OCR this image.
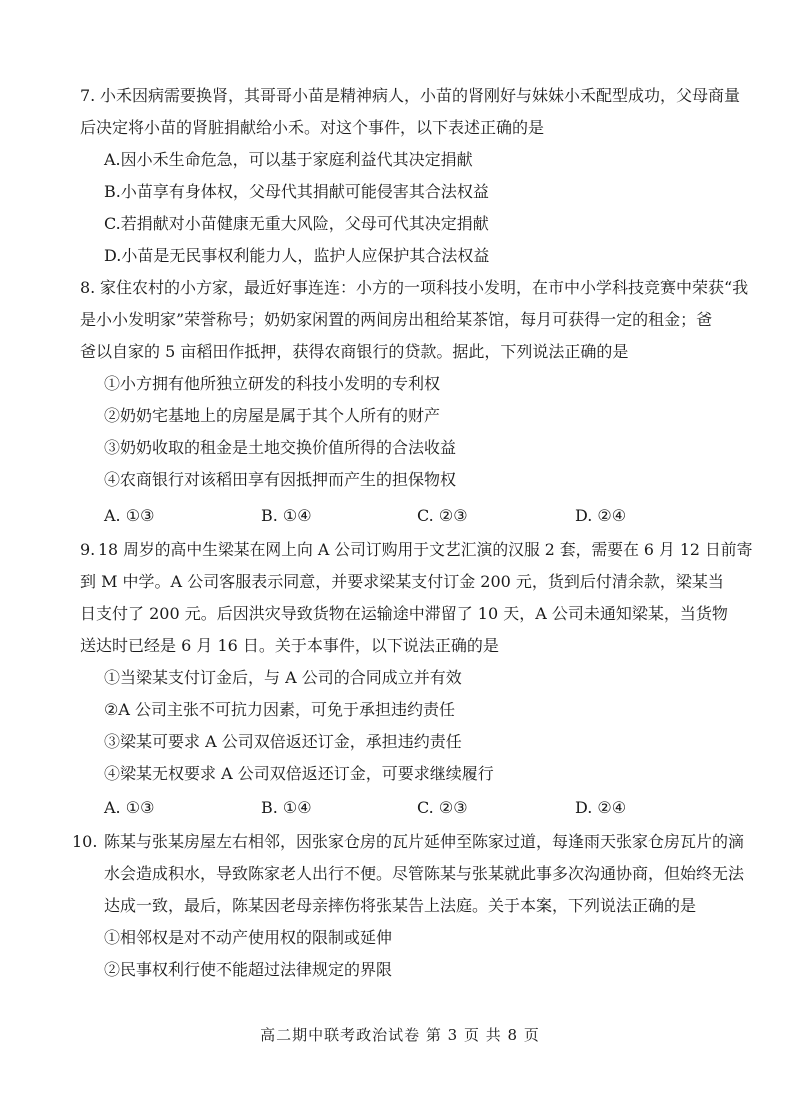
7. 小禾因病需要换肾，其哥哥小苗是精神病人，小苗的肾刚好与妹妹小禾配型成功，父母商量
后决定将小苗的肾脏捐献给小禾。对这个事件，以下表述正确的是
A.因小禾生命危急，可以基于家庭利益代其决定捐献
B.小苗享有身体权，父母代其捐献可能侵害其合法权益
C.若捐献对小苗健康无重大风险，父母可代其决定捐献
D.小苗是无民事权利能力人，监护人应保护其合法权益
8. 家住农村的小方家，最近好事连连：小方的一项科技小发明，在市中小学科技竞赛中荣获“我
是小小发明家”荣誉称号；奶奶家闲置的两间房出租给某茶馆，每月可获得一定的租金；爸
爸以自家的 5 亩稻田作抵押，获得农商银行的贷款。据此，下列说法正确的是
①小方拥有他所独立研发的科技小发明的专利权
②奶奶宅基地上的房屋是属于其个人所有的财产
③奶奶收取的租金是土地交换价值所得的合法收益
④农商银行对该稻田享有因抵押而产生的担保物权
A. ①③	B. ①④	C. ②③	D. ②④
9. 18 周岁的高中生梁某在网上向 A 公司订购用于文艺汇演的汉服 2 套，需要在 6 月 12 日前寄
到 M 中学。A 公司客服表示同意，并要求梁某支付订金 200 元，货到后付清余款，梁某当
日支付了 200 元。后因洪灾导致货物在运输途中滞留了 10 天，A 公司未通知梁某，当货物
送达时已经是 6 月 16 日。关于本事件，以下说法正确的是
①当梁某支付订金后，与 A 公司的合同成立并有效
②A 公司主张不可抗力因素，可免于承担违约责任
③梁某可要求 A 公司双倍返还订金，承担违约责任
④梁某无权要求 A 公司双倍返还订金，可要求继续履行
A. ①③	B. ①④	C. ②③	D. ②④
10. 陈某与张某房屋左右相邻，因张家仓房的瓦片延伸至陈家过道，每逢雨天张家仓房瓦片的滴
水会造成积水，导致陈家老人出行不便。尽管陈某与张某就此事多次沟通协商，但始终无法
达成一致，最后，陈某因老母亲摔伤将张某告上法庭。关于本案，下列说法正确的是
①相邻权是对不动产使用权的限制或延伸
②民事权利行使不能超过法律规定的界限
高二期中联考政治试卷 第 3 页 共 8 页
